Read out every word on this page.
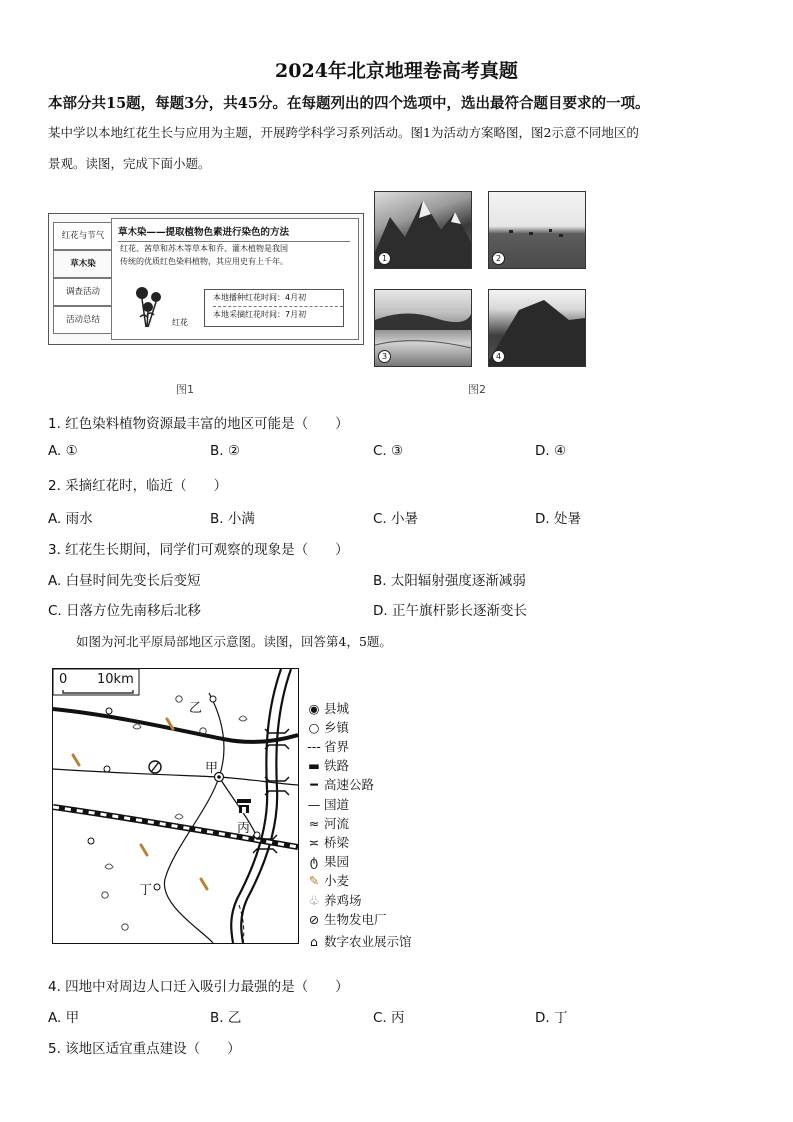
2024年北京地理卷高考真题
本部分共15题，每题3分，共45分。在每题列出的四个选项中，选出最符合题目要求的一项。
某中学以本地红花生长与应用为主题，开展跨学科学习系列活动。图1为活动方案略图，图2示意不同地区的
景观。读图，完成下面小题。
红花与节气
草木染
调查活动
活动总结
草木染——提取植物色素进行染色的方法
红花、茜草和苏木等草本和乔、灌木植物是我国
传统的优质红色染料植物，其应用史有上千年。
红花
本地播种红花时间：4月初
本地采摘红花时间：7月初
图1
1	2
3	4
图2
1. 红色染料植物资源最丰富的地区可能是（　　）
A. ①	B. ②	C. ③	D. ④
2. 采摘红花时，临近（　　）
A. 雨水	B. 小满	C. 小暑	D. 处暑
3. 红花生长期间，同学们可观察的现象是（　　）
A. 白昼时间先变长后变短	B. 太阳辐射强度逐渐减弱
C. 日落方位先南移后北移	D. 正午旗杆影长逐渐变长
如图为河北平原局部地区示意图。读图，回答第4，5题。
0 10km
乙
甲
丙
丁
◉ 县城
○ 乡镇
‑‑‑ 省界
▬ 铁路
━ 高速公路
— 国道
≈ 河流
≍ 桥梁
ტ 果园
✎ 小麦
♧ 养鸡场
⊘ 生物发电厂
⌂ 数字农业展示馆
4. 四地中对周边人口迁入吸引力最强的是（　　）
A. 甲	B. 乙	C. 丙	D. 丁
5. 该地区适宜重点建设（　　）
